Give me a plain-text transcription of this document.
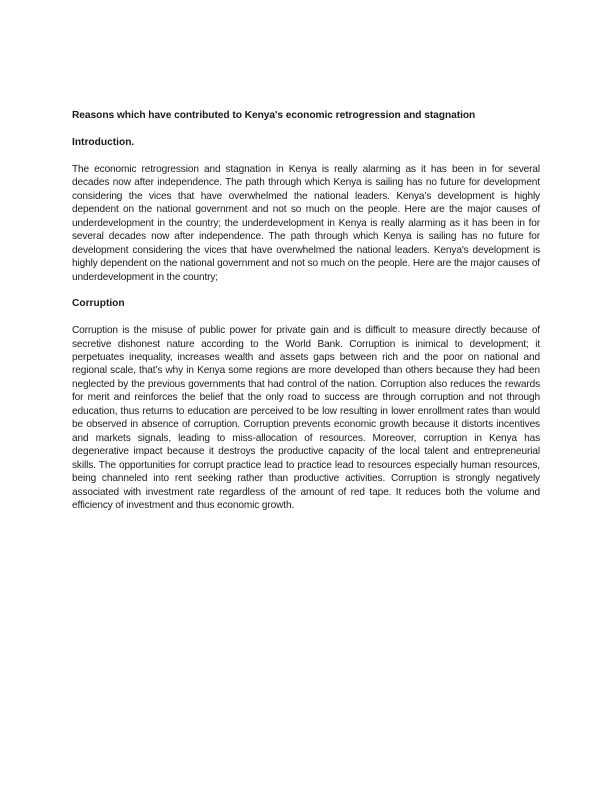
Reasons which have contributed to Kenya's economic retrogression and stagnation
Introduction.

The economic retrogression and stagnation in Kenya is really alarming as it has been in for several decades now after independence. The path through which Kenya is sailing has no future for development considering the vices that have overwhelmed the national leaders. Kenya’s development is highly dependent on the national government and not so much on the people. Here are the major causes of underdevelopment in the country; the underdevelopment in Kenya is really alarming as it has been in for several decades now after independence. The path through which Kenya is sailing has no future for development considering the vices that have overwhelmed the national leaders. Kenya's development is highly dependent on the national government and not so much on the people. Here are the major causes of underdevelopment in the country;

Corruption

Corruption is the misuse of public power for private gain and is difficult to measure directly because of secretive dishonest nature according to the World Bank. Corruption is inimical to development; it perpetuates inequality, increases wealth and assets gaps between rich and the poor on national and regional scale, that’s why in Kenya some regions are more developed than others because they had been neglected by the previous governments that had control of the nation. Corruption also reduces the rewards for merit and reinforces the belief that the only road to success are through corruption and not through education, thus returns to education are perceived to be low resulting in lower enrollment rates than would be observed in absence of corruption. Corruption prevents economic growth because it distorts incentives and markets signals, leading to miss-allocation of resources. Moreover, corruption in Kenya has degenerative impact because it destroys the productive capacity of the local talent and entrepreneurial skills. The opportunities for corrupt practice lead to practice lead to resources especially human resources, being channeled into rent seeking rather than productive activities. Corruption is strongly negatively associated with investment rate regardless of the amount of red tape. It reduces both the volume and efficiency of investment and thus economic growth.
